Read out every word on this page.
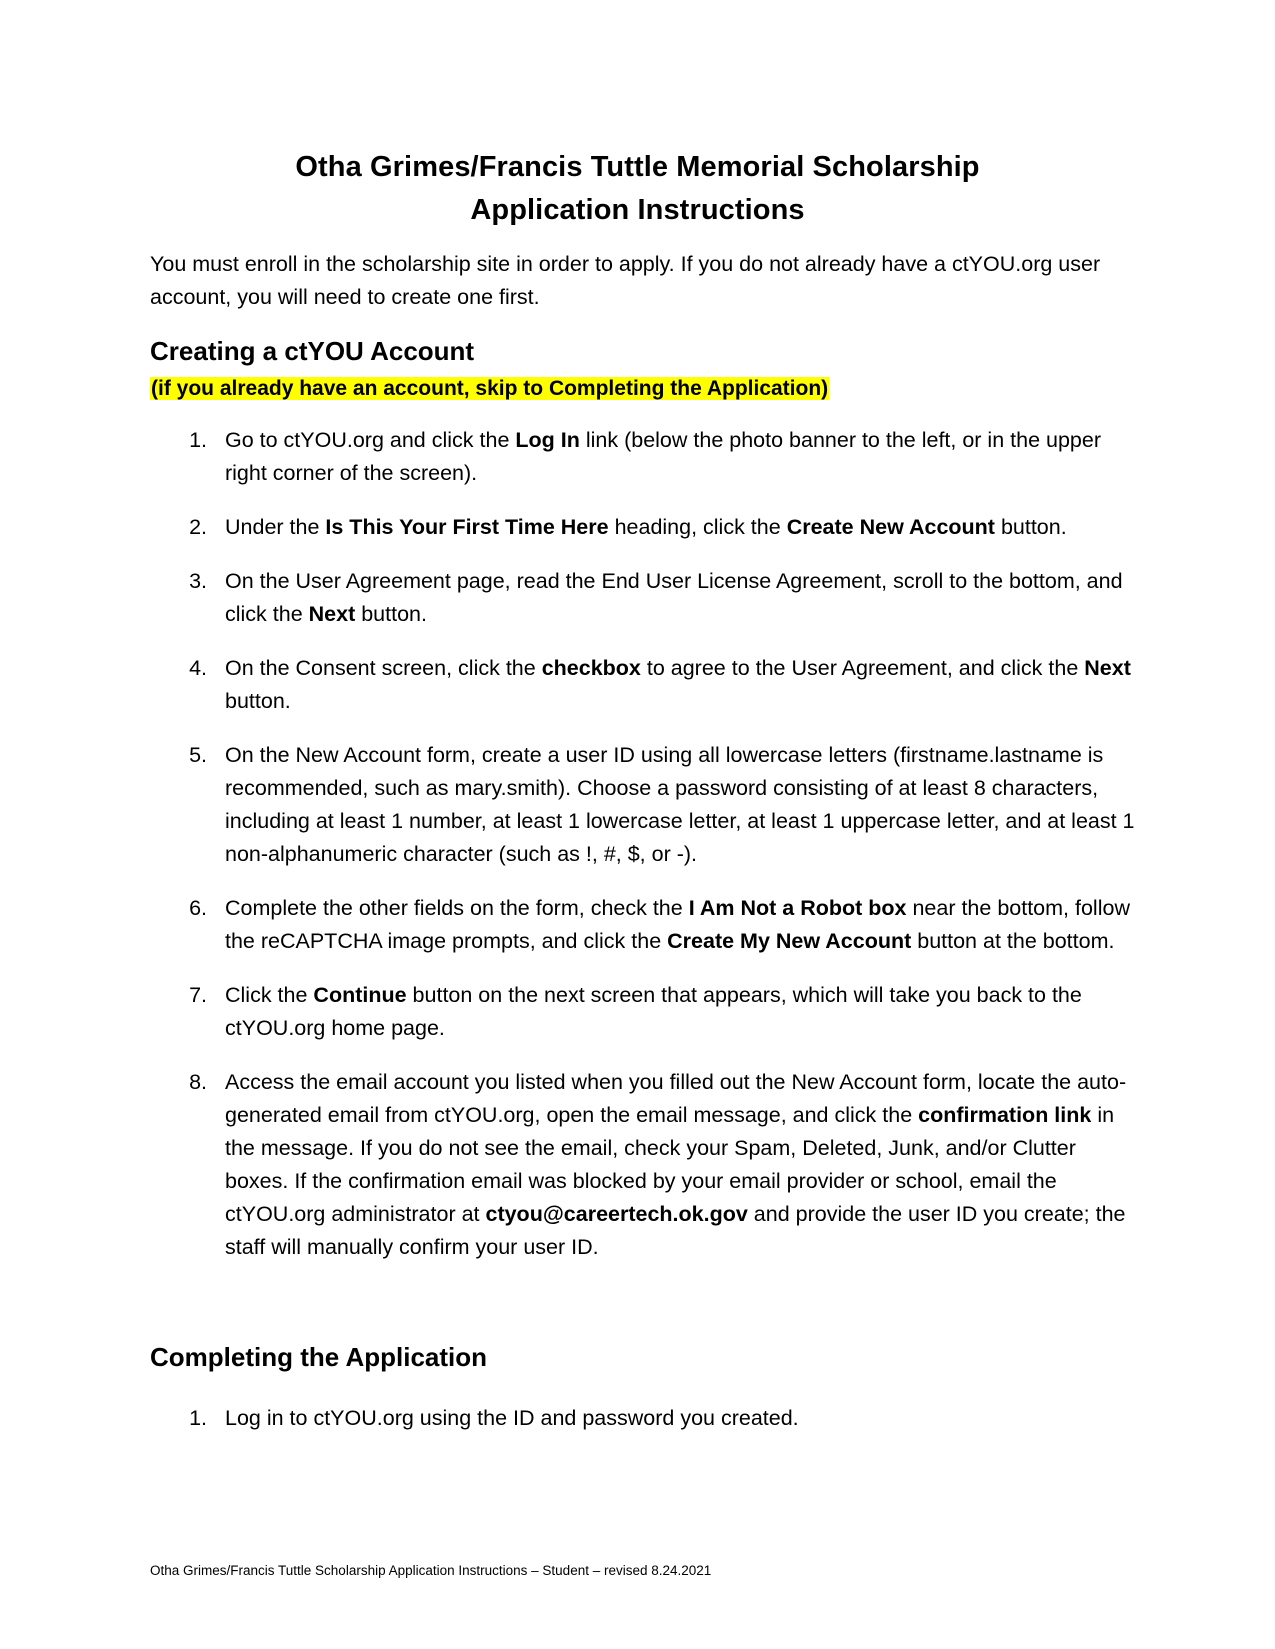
Otha Grimes/Francis Tuttle Memorial Scholarship
Application Instructions
You must enroll in the scholarship site in order to apply. If you do not already have a ctYOU.org user account, you will need to create one first.
Creating a ctYOU Account
(if you already have an account, skip to Completing the Application)
1. Go to ctYOU.org and click the Log In link (below the photo banner to the left, or in the upper right corner of the screen).
2. Under the Is This Your First Time Here heading, click the Create New Account button.
3. On the User Agreement page, read the End User License Agreement, scroll to the bottom, and click the Next button.
4. On the Consent screen, click the checkbox to agree to the User Agreement, and click the Next button.
5. On the New Account form, create a user ID using all lowercase letters (firstname.lastname is recommended, such as mary.smith). Choose a password consisting of at least 8 characters, including at least 1 number, at least 1 lowercase letter, at least 1 uppercase letter, and at least 1 non-alphanumeric character (such as !, #, $, or -).
6. Complete the other fields on the form, check the I Am Not a Robot box near the bottom, follow the reCAPTCHA image prompts, and click the Create My New Account button at the bottom.
7. Click the Continue button on the next screen that appears, which will take you back to the ctYOU.org home page.
8. Access the email account you listed when you filled out the New Account form, locate the auto-generated email from ctYOU.org, open the email message, and click the confirmation link in the message. If you do not see the email, check your Spam, Deleted, Junk, and/or Clutter boxes. If the confirmation email was blocked by your email provider or school, email the ctYOU.org administrator at ctyou@careertech.ok.gov and provide the user ID you create; the staff will manually confirm your user ID.
Completing the Application
1. Log in to ctYOU.org using the ID and password you created.
Otha Grimes/Francis Tuttle Scholarship Application Instructions – Student – revised 8.24.2021
